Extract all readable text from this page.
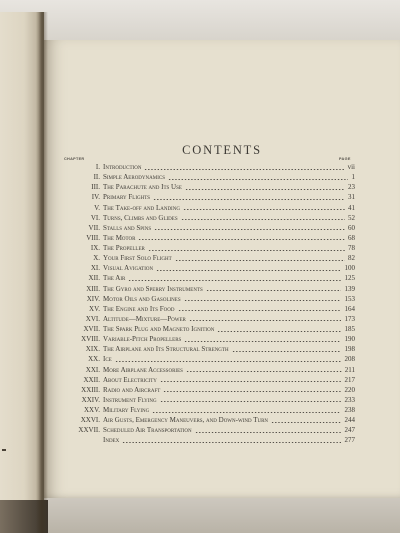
CONTENTS
CHAPTER	PAGE
I. Introduction	vii
II. Simple Aerodynamics	1
III. The Parachute and Its Use	23
IV. Primary Flights	31
V. The Take-off and Landing	41
VI. Turns, Climbs and Glides	52
VII. Stalls and Spins	60
VIII. The Motor	68
IX. The Propeller	78
X. Your First Solo Flight	82
XI. Visual Avigation	100
XII. The Air	125
XIII. The Gyro and Sperry Instruments	139
XIV. Motor Oils and Gasolines	153
XV. The Engine and Its Food	164
XVI. Altitude—Mixture—Power	173
XVII. The Spark Plug and Magneto Ignition	185
XVIII. Variable-Pitch Propellers	190
XIX. The Airplane and Its Structural Strength	198
XX. Ice	208
XXI. More Airplane Accessories	211
XXII. About Electricity	217
XXIII. Radio and Aircraft	220
XXIV. Instrument Flying	233
XXV. Military Flying	238
XXVI. Air Gusts, Emergency Maneuvers, and Down-wind Turn	244
XXVII. Scheduled Air Transportation	247
Index	277
